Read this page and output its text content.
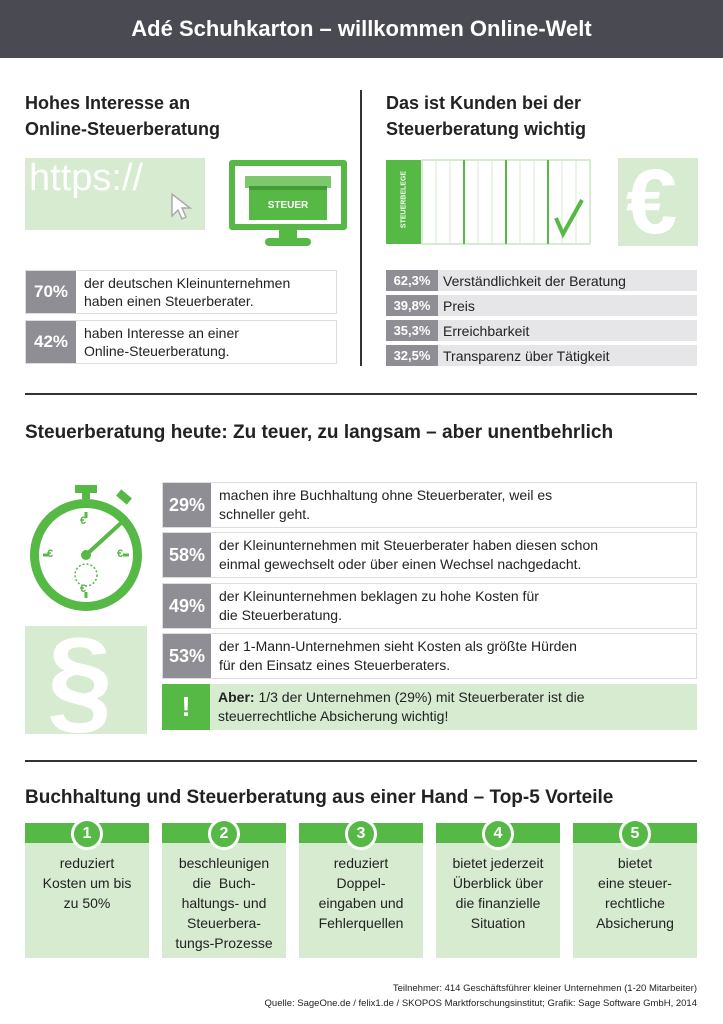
Adé Schuhkarton – willkommen Online-Welt
Hohes Interesse an
Online-Steuerberatung
https://
STEUER
70%	der deutschen Kleinunternehmen
haben einen Steuerberater.
42%	haben Interesse an einer
Online-Steuerberatung.
Das ist Kunden bei der
Steuerberatung wichtig
STEUERBELEGE €
62,3% Verständlichkeit der Beratung
39,8% Preis
35,3% Erreichbarkeit
32,5% Transparenz über Tätigkeit
Steuerberatung heute: Zu teuer, zu langsam – aber unentbehrlich
€
€	€
€
§
29% machen ihre Buchhaltung ohne Steuerberater, weil es
schneller geht.
58% der Kleinunternehmen mit Steuerberater haben diesen schon
einmal gewechselt oder über einen Wechsel nachgedacht.
49% der Kleinunternehmen beklagen zu hohe Kosten für
die Steuerberatung.
53% der 1-Mann-Unternehmen sieht Kosten als größte Hürden
für den Einsatz eines Steuerberaters.
!	Aber: 1/3 der Unternehmen (29%) mit Steuerberater ist die
steuerrechtliche Absicherung wichtig!
Buchhaltung und Steuerberatung aus einer Hand – Top-5 Vorteile
1
reduziert
Kosten um bis
zu 50%
2
beschleunigen
die  Buch-
haltungs- und
Steuerbera-
tungs-Prozesse
3
reduziert
Doppel-
eingaben und
Fehlerquellen
4
bietet jederzeit
Überblick über
die finanzielle
Situation
5
bietet
eine steuer-
rechtliche
Absicherung
Teilnehmer: 414 Geschäftsführer kleiner Unternehmen (1-20 Mitarbeiter)
Quelle: SageOne.de / felix1.de / SKOPOS Marktforschungsinstitut; Grafik: Sage Software GmbH, 2014
